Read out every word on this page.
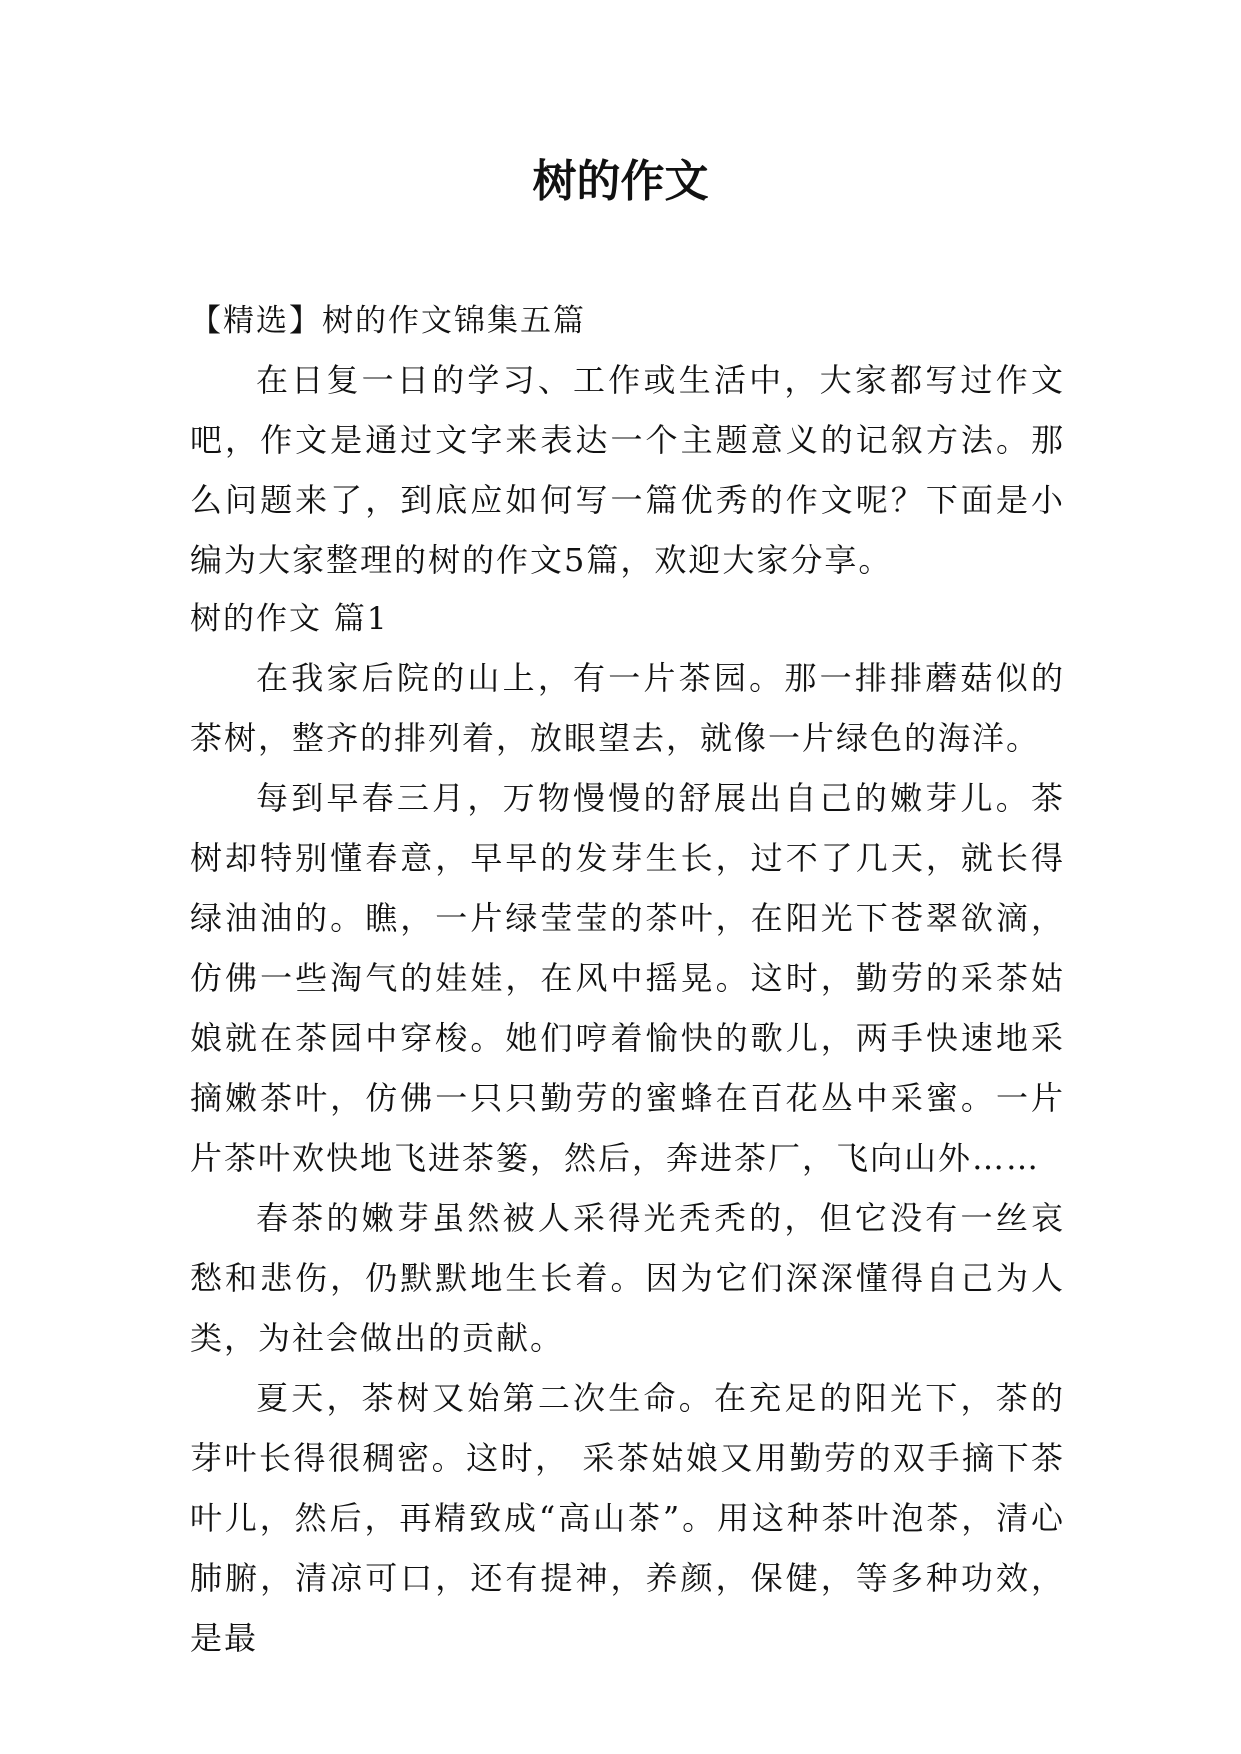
树的作文

【精选】树的作文锦集五篇

在日复一日的学习、工作或生活中，大家都写过作文吧，作文是通过文字来表达一个主题意义的记叙方法。那么问题来了，到底应如何写一篇优秀的作文呢？下面是小编为大家整理的树的作文5篇，欢迎大家分享。

树的作文 篇1

在我家后院的山上，有一片茶园。那一排排蘑菇似的茶树，整齐的排列着，放眼望去，就像一片绿色的海洋。

每到早春三月，万物慢慢的舒展出自己的嫩芽儿。茶树却特别懂春意，早早的发芽生长，过不了几天，就长得绿油油的。瞧，一片绿莹莹的茶叶，在阳光下苍翠欲滴，仿佛一些淘气的娃娃，在风中摇晃。这时，勤劳的采茶姑娘就在茶园中穿梭。她们哼着愉快的歌儿，两手快速地采摘嫩茶叶，仿佛一只只勤劳的蜜蜂在百花丛中采蜜。一片片茶叶欢快地飞进茶篓，然后，奔进茶厂，飞向山外……

春茶的嫩芽虽然被人采得光秃秃的，但它没有一丝哀愁和悲伤，仍默默地生长着。因为它们深深懂得自己为人类，为社会做出的贡献。

夏天，茶树又始第二次生命。在充足的阳光下，茶的芽叶长得很稠密。这时， 采茶姑娘又用勤劳的双手摘下茶叶儿，然后，再精致成“高山茶”。用这种茶叶泡茶，清心肺腑，清凉可口，还有提神，养颜，保健，等多种功效，是最
